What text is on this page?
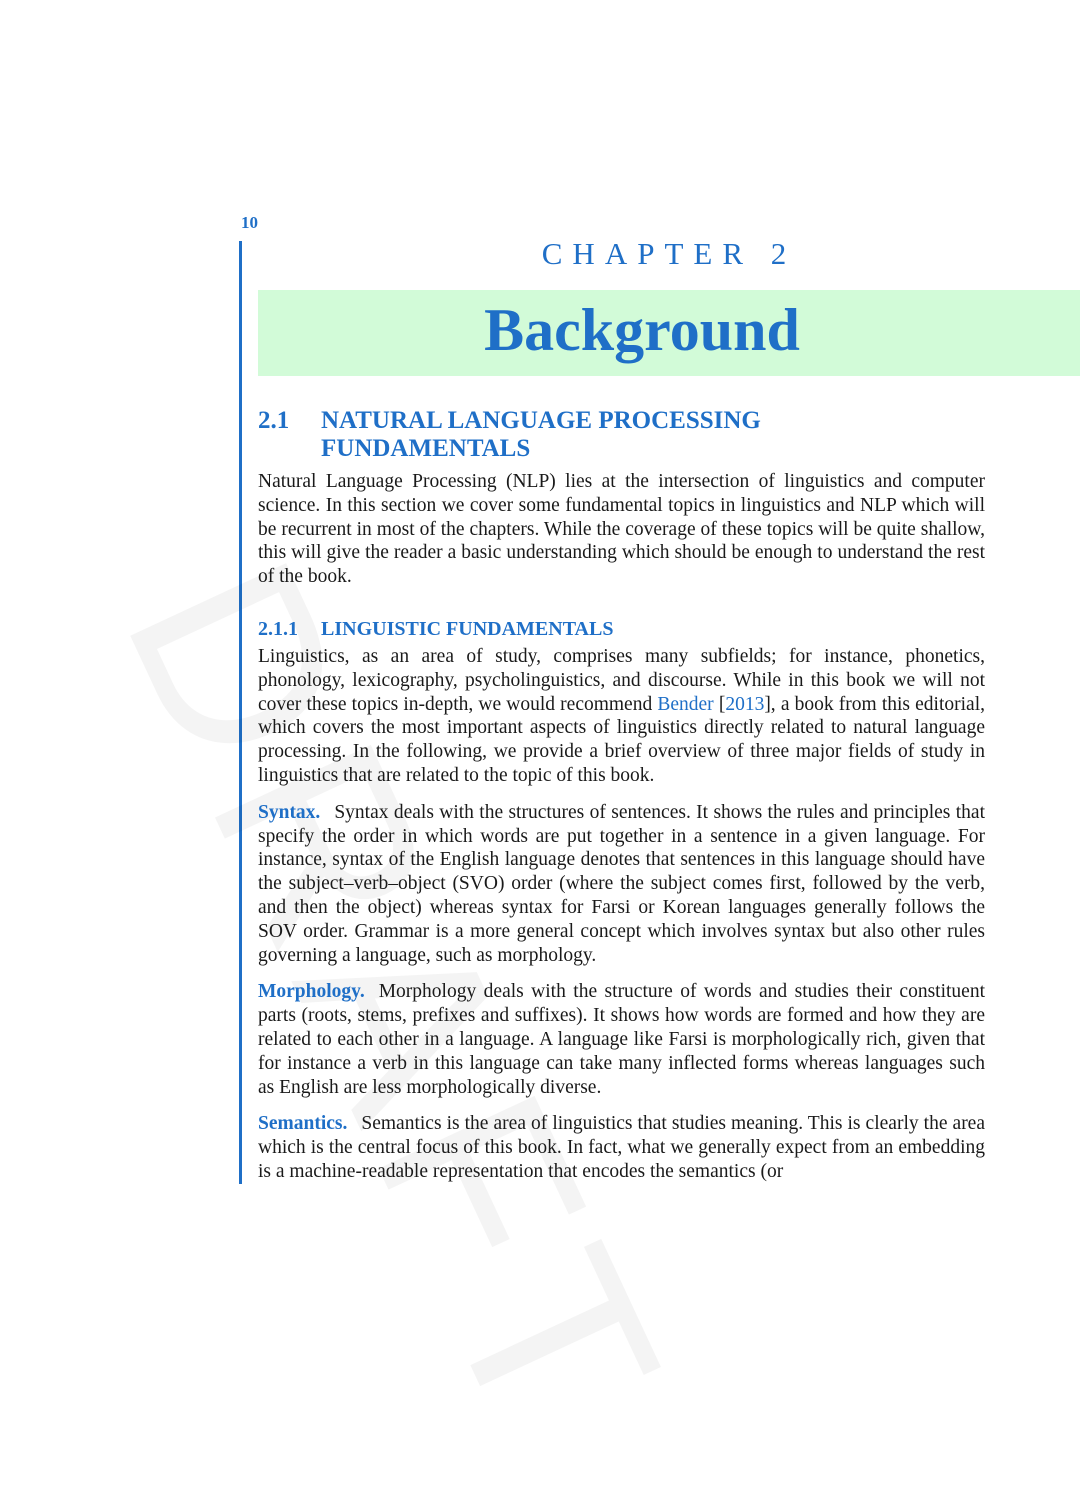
10
CHAPTER 2
Background
2.1	NATURAL LANGUAGE PROCESSING
FUNDAMENTALS

Natural Language Processing (NLP) lies at the intersection of linguistics and computer science. In this section we cover some fundamental topics in linguistics and NLP which will be recurrent in most of the chapters. While the coverage of these topics will be quite shallow, this will give the reader a basic understanding which should be enough to understand the rest of the book.

2.1.1	LINGUISTIC FUNDAMENTALS

Linguistics, as an area of study, comprises many subfields; for instance, phonetics, phonology, lexicography, psycholinguistics, and discourse. While in this book we will not cover these topics in-depth, we would recommend Bender [2013], a book from this editorial, which covers the most important aspects of linguistics directly related to natural language processing. In the following, we provide a brief overview of three major fields of study in linguistics that are related to the topic of this book.

Syntax. Syntax deals with the structures of sentences. It shows the rules and principles that specify the order in which words are put together in a sentence in a given language. For instance, syntax of the English language denotes that sentences in this language should have the subject–verb–object (SVO) order (where the subject comes first, followed by the verb, and then the object) whereas syntax for Farsi or Korean languages generally follows the SOV order. Grammar is a more general concept which involves syntax but also other rules governing a language, such as morphology.

Morphology. Morphology deals with the structure of words and studies their constituent parts (roots, stems, prefixes and suffixes). It shows how words are formed and how they are related to each other in a language. A language like Farsi is morphologically rich, given that for instance a verb in this language can take many inflected forms whereas languages such as English are less morphologically diverse.

Semantics. Semantics is the area of linguistics that studies meaning. This is clearly the area which is the central focus of this book. In fact, what we generally expect from an embedding is a machine-readable representation that encodes the semantics (or
